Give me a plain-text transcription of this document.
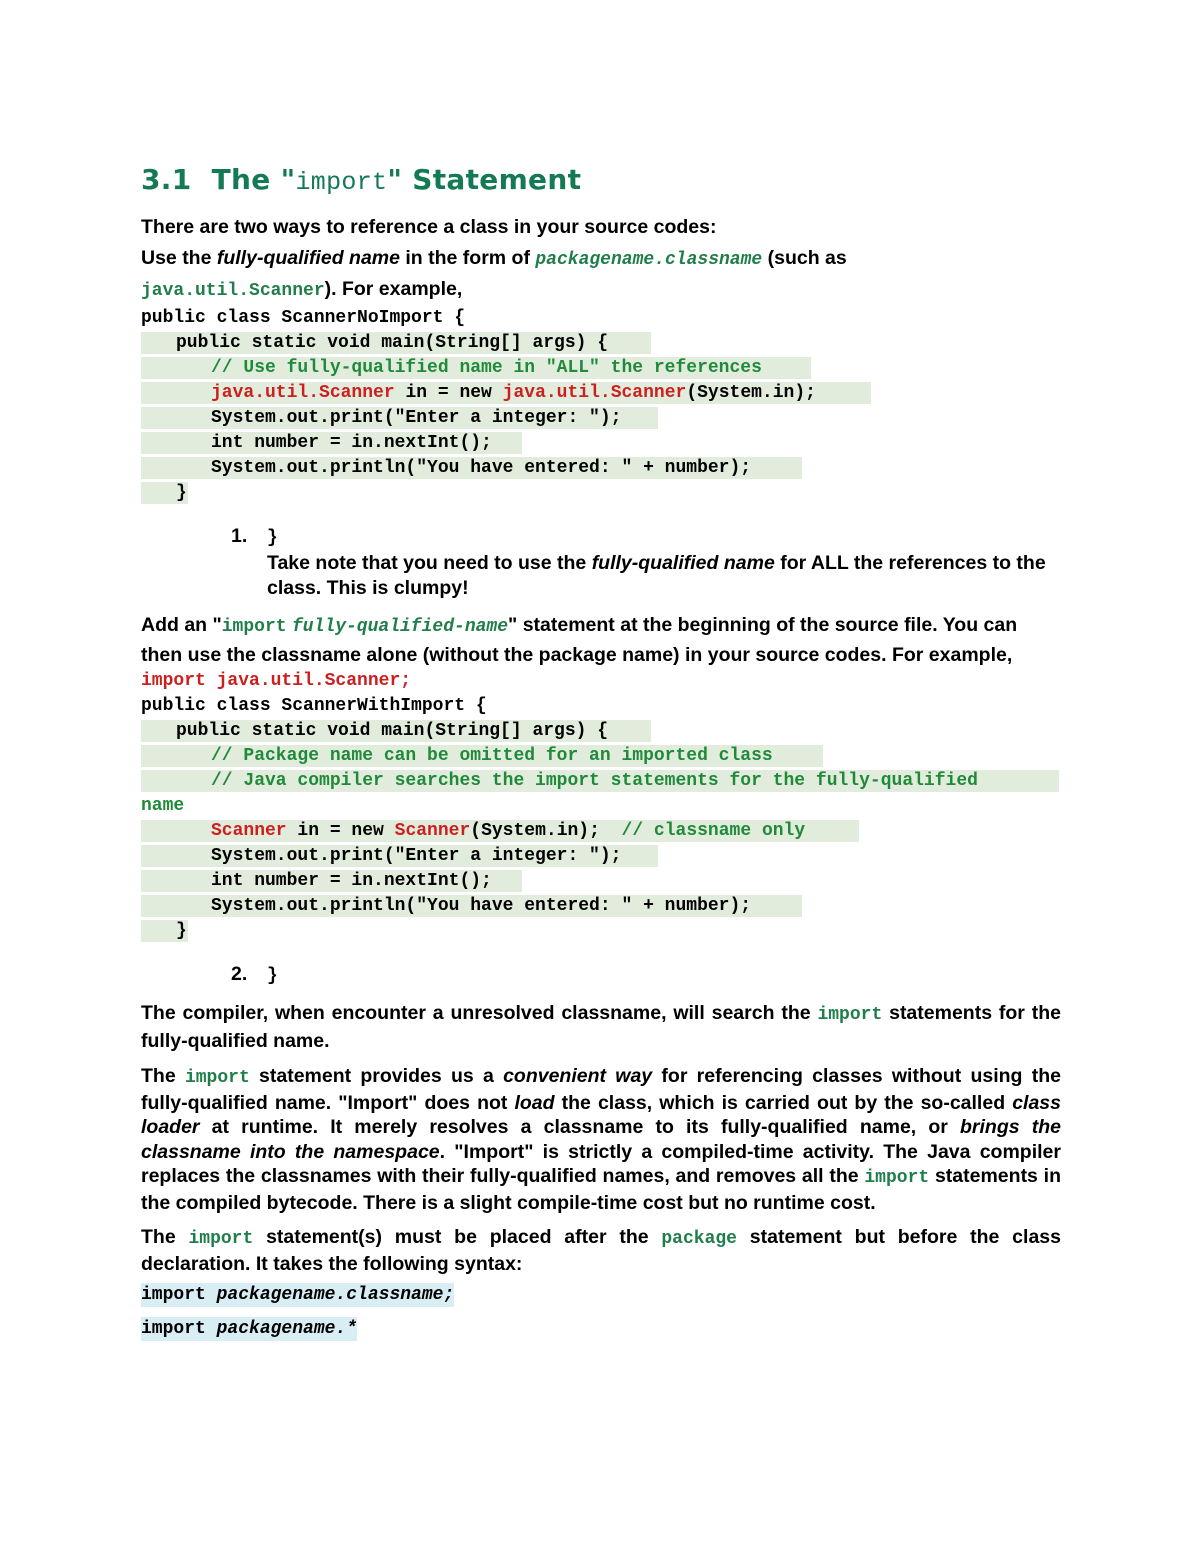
3.1 The "import" Statement

There are two ways to reference a class in your source codes:

Use the fully-qualified name in the form of packagename.classname (such as
java.util.Scanner). For example,

public class ScannerNoImport {
public static void main(String[] args) {
// Use fully-qualified name in "ALL" the references
java.util.Scanner in = new java.util.Scanner(System.in);
System.out.print("Enter a integer: ");
int number = in.nextInt();
System.out.println("You have entered: " + number);
}
1. }
Take note that you need to use the fully-qualified name for ALL the references to the class. This is clumpy!

Add an "import fully-qualified-name" statement at the beginning of the source file. You can then use the classname alone (without the package name) in your source codes. For example,

import java.util.Scanner;
public class ScannerWithImport {
public static void main(String[] args) {
// Package name can be omitted for an imported class
// Java compiler searches the import statements for the fully-qualified
name
Scanner in = new Scanner(System.in);  // classname only
System.out.print("Enter a integer: ");
int number = in.nextInt();
System.out.println("You have entered: " + number);
}
2. }

The compiler, when encounter a unresolved classname, will search the import statements for the fully-qualified name.

The import statement provides us a convenient way for referencing classes without using the fully-qualified name. "Import" does not load the class, which is carried out by the so-called class loader at runtime. It merely resolves a classname to its fully-qualified name, or brings the classname into the namespace. "Import" is strictly a compiled-time activity. The Java compiler replaces the classnames with their fully-qualified names, and removes all the import statements in the compiled bytecode. There is a slight compile-time cost but no runtime cost.

The import statement(s) must be placed after the package statement but before the class declaration. It takes the following syntax:

import packagename.classname;
import packagename.*
